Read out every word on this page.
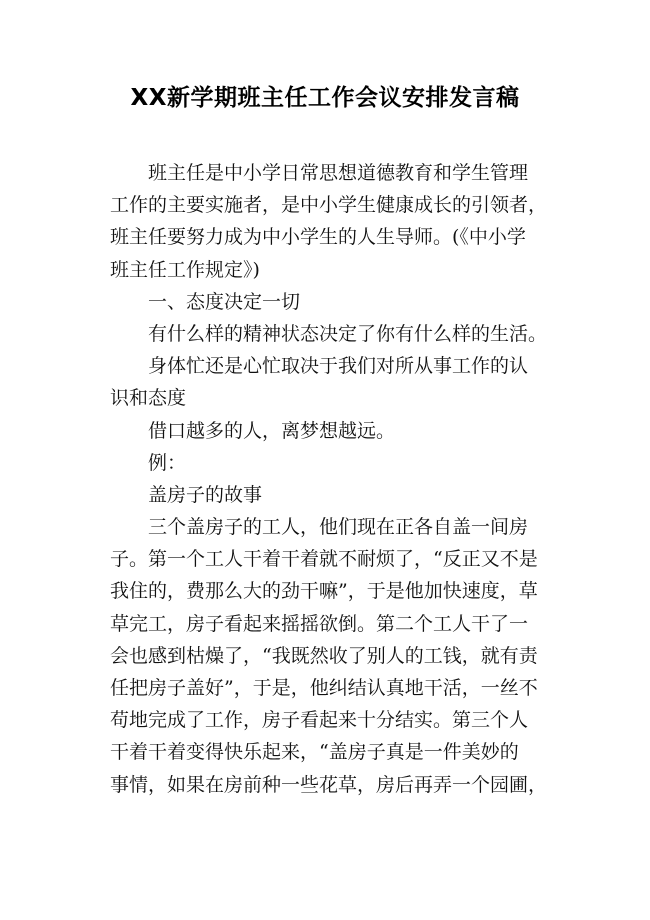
XX新学期班主任工作会议安排发言稿
班主任是中小学日常思想道德教育和学生管理
工作的主要实施者，是中小学生健康成长的引领者，
班主任要努力成为中小学生的人生导师。(《中小学
班主任工作规定》)
一、态度决定一切
有什么样的精神状态决定了你有什么样的生活。
身体忙还是心忙取决于我们对所从事工作的认
识和态度
借口越多的人，离梦想越远。
例：
盖房子的故事
三个盖房子的工人，他们现在正各自盖一间房
子。第一个工人干着干着就不耐烦了，“反正又不是
我住的，费那么大的劲干嘛”，于是他加快速度，草
草完工，房子看起来摇摇欲倒。第二个工人干了一
会也感到枯燥了，“我既然收了别人的工钱，就有责
任把房子盖好”，于是，他纠结认真地干活，一丝不
苟地完成了工作，房子看起来十分结实。第三个人
干着干着变得快乐起来，“盖房子真是一件美妙的
事情，如果在房前种一些花草，房后再弄一个园圃，
